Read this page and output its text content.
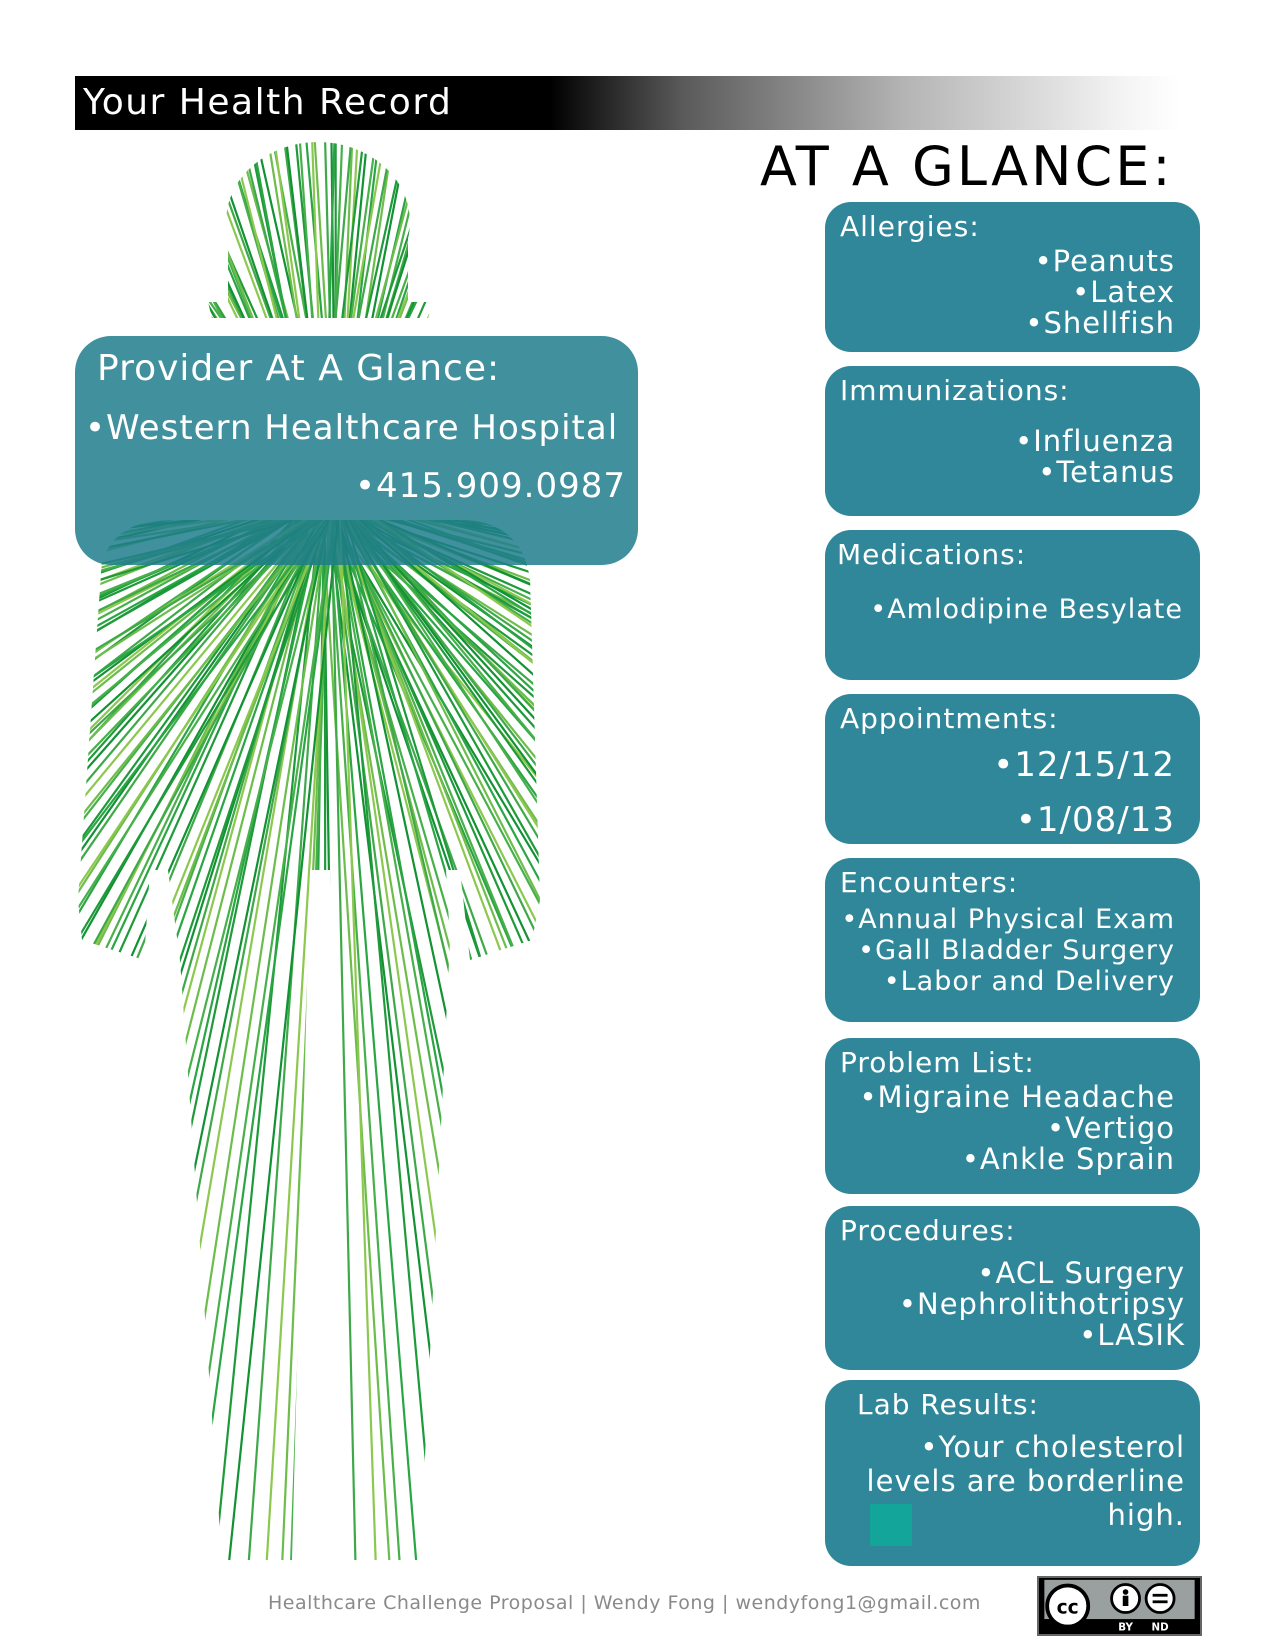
Your Health Record
AT A GLANCE:
Provider At A Glance:
•Western Healthcare Hospital
•415.909.0987
Allergies:
•Peanuts
•Latex
•Shellfish
Immunizations:
•Influenza
•Tetanus
Medications:
•Amlodipine Besylate
Appointments:
•12/15/12
•1/08/13
Encounters:
•Annual Physical Exam
•Gall Bladder Surgery
•Labor and Delivery
Problem List:
•Migraine Headache
•Vertigo
•Ankle Sprain
Procedures:
•ACL Surgery
•Nephrolithotripsy
•LASIK
Lab Results:
•Your cholesterol
levels are borderline
high.
Healthcare Challenge Proposal | Wendy Fong | wendyfong1@gmail.com	cc
BY ND
